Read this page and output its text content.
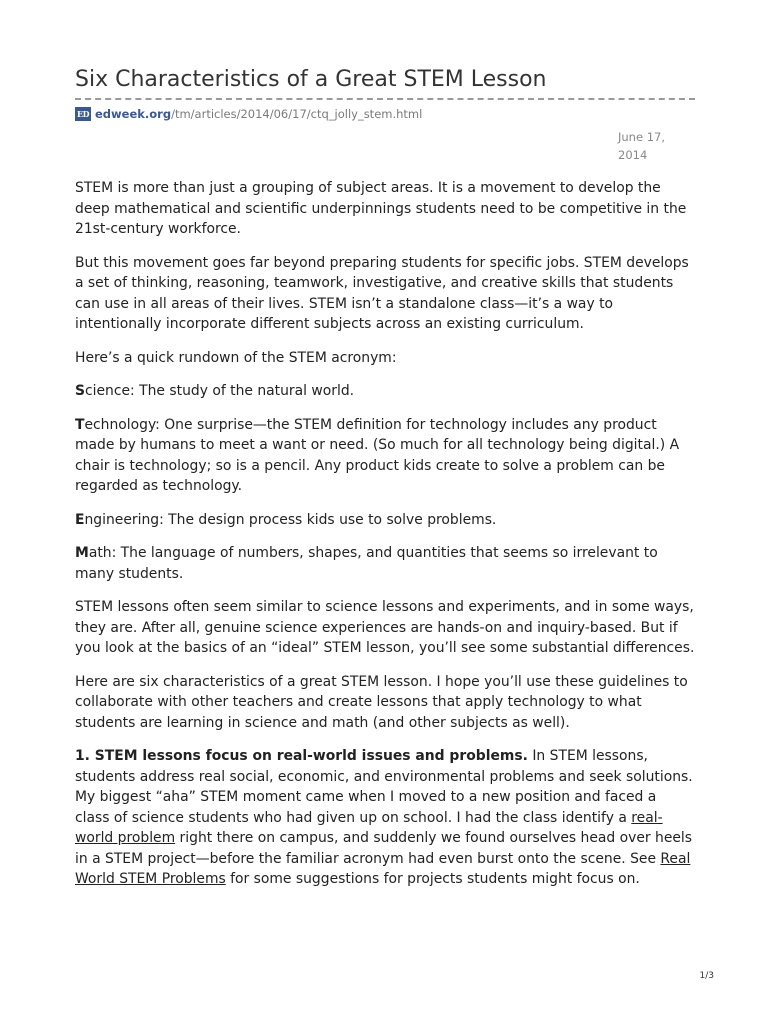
Six Characteristics of a Great STEM Lesson
ED edweek.org /tm/articles/2014/06/17/ctq_jolly_stem.html
June 17, 2014

STEM is more than just a grouping of subject areas. It is a movement to develop the deep mathematical and scientific underpinnings students need to be competitive in the 21st-century workforce.

But this movement goes far beyond preparing students for specific jobs. STEM develops a set of thinking, reasoning, teamwork, investigative, and creative skills that students can use in all areas of their lives. STEM isn’t a standalone class—it’s a way to intentionally incorporate different subjects across an existing curriculum.

Here’s a quick rundown of the STEM acronym:

Science: The study of the natural world.

Technology: One surprise—the STEM definition for technology includes any product made by humans to meet a want or need. (So much for all technology being digital.) A chair is technology; so is a pencil. Any product kids create to solve a problem can be regarded as technology.

Engineering: The design process kids use to solve problems.

Math: The language of numbers, shapes, and quantities that seems so irrelevant to many students.

STEM lessons often seem similar to science lessons and experiments, and in some ways, they are. After all, genuine science experiences are hands-on and inquiry-based. But if you look at the basics of an “ideal” STEM lesson, you’ll see some substantial differences.

Here are six characteristics of a great STEM lesson. I hope you’ll use these guidelines to collaborate with other teachers and create lessons that apply technology to what students are learning in science and math (and other subjects as well).

1. STEM lessons focus on real-world issues and problems. In STEM lessons, students address real social, economic, and environmental problems and seek solutions. My biggest “aha” STEM moment came when I moved to a new position and faced a class of science students who had given up on school. I had the class identify a real-world problem right there on campus, and suddenly we found ourselves head over heels in a STEM project—before the familiar acronym had even burst onto the scene. See Real World STEM Problems for some suggestions for projects students might focus on.

1/3
